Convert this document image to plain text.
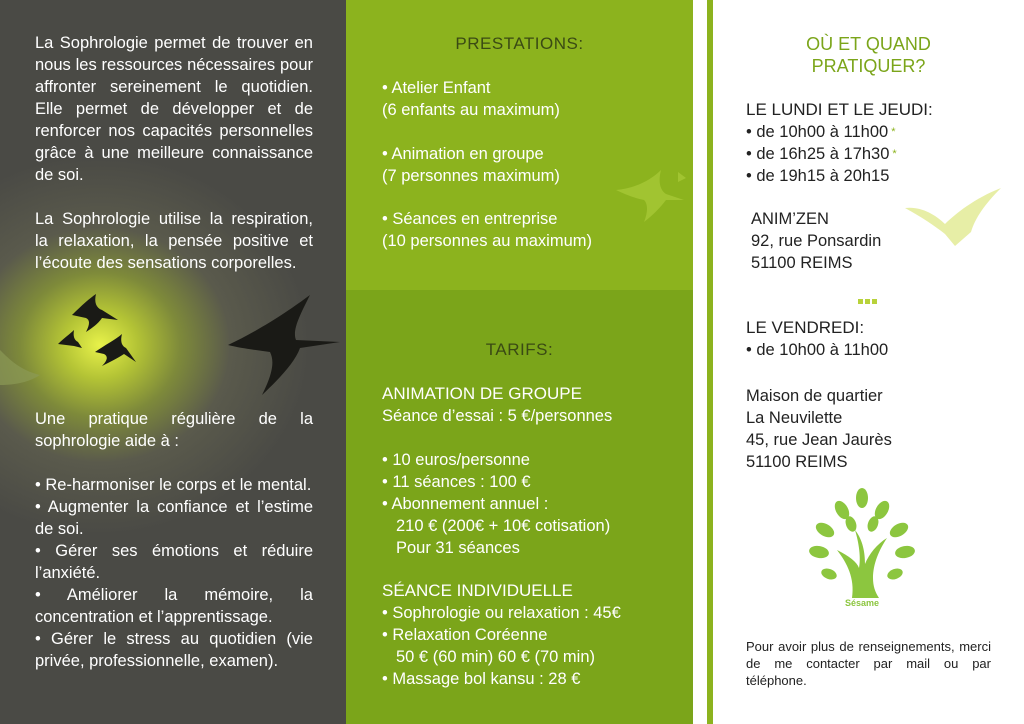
La Sophrologie permet de trouver en nous les ressources nécessaires pour affronter sereinement le quotidien. Elle permet de développer et de renforcer nos capacités personnelles grâce à une meilleure connaissance de soi.

La Sophrologie utilise la respiration, la relaxation, la pensée positive et l’écoute des sensations corporelles.

Une pratique régulière de la sophrologie aide à :

• Re-harmoniser le corps et le mental.
• Augmenter la confiance et l’estime de soi.
• Gérer ses émotions et réduire l’anxiété.
• Améliorer la mémoire, la concentration et l’apprentissage.
• Gérer le stress au quotidien (vie privée, professionnelle, examen).
PRESTATIONS:
• Atelier Enfant
(6 enfants au maximum)
• Animation en groupe
(7 personnes maximum)
• Séances en entreprise
(10 personnes au maximum)
TARIFS:
ANIMATION DE GROUPE
Séance d’essai : 5 €/personnes
• 10 euros/personne
• 11 séances : 100 €
• Abonnement annuel :
210 € (200€ + 10€ cotisation)
Pour 31 séances
SÉANCE INDIVIDUELLE
• Sophrologie ou relaxation : 45€
• Relaxation Coréenne
50 € (60 min) 60 € (70 min)
• Massage bol kansu : 28 €
OÙ ET QUAND
PRATIQUER?

LE LUNDI ET LE JEUDI:

• de 10h00 à 11h00 *
• de 16h25 à 17h30 *
• de 19h15 à 20h15

ANIM’ZEN

92, rue Ponsardin

51100 REIMS

LE VENDREDI:

• de 10h00 à 11h00

Maison de quartier

La Neuvilette

45, rue Jean Jaurès

51100 REIMS

Sésame

Pour avoir plus de renseignements, merci de me contacter par mail ou par téléphone.
